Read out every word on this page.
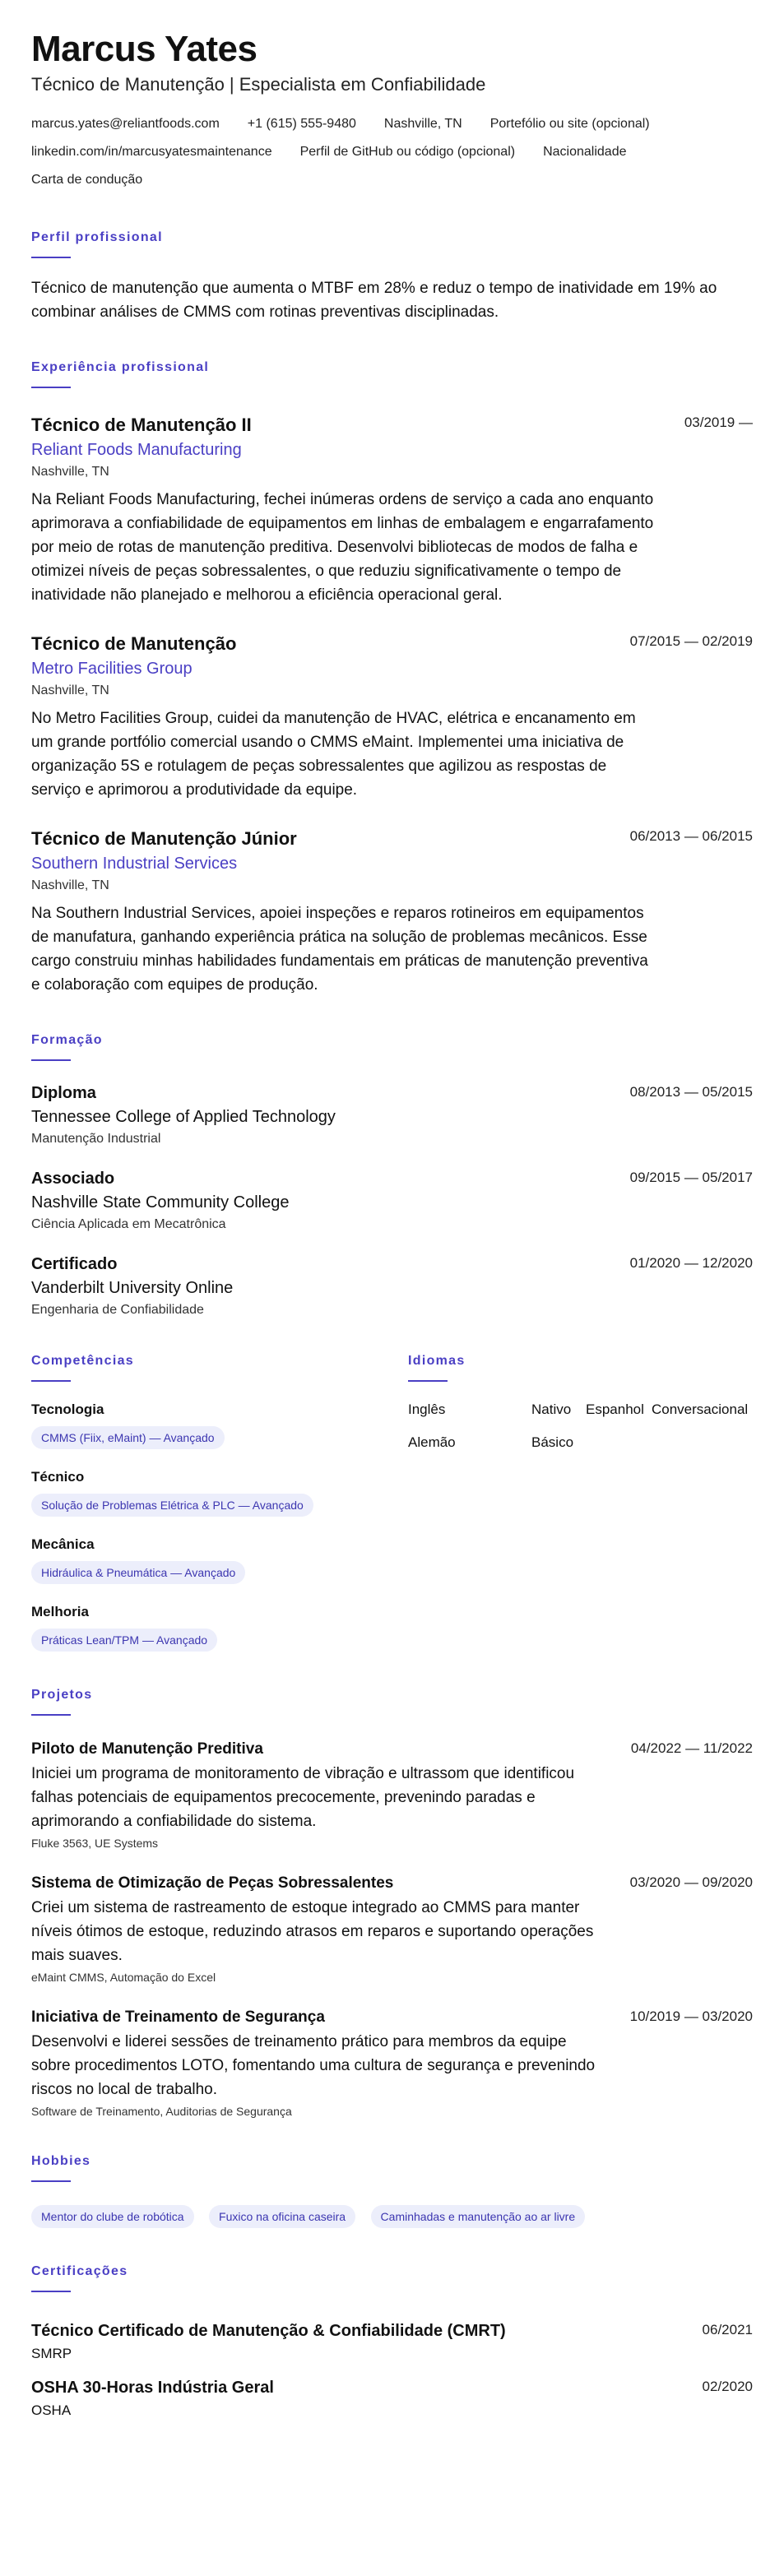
Marcus Yates
Técnico de Manutenção | Especialista em Confiabilidade
marcus.yates@reliantfoods.com +1 (615) 555-9480 Nashville, TN Portefólio ou site (opcional)
linkedin.com/in/marcusyatesmaintenance Perfil de GitHub ou código (opcional) Nacionalidade
Carta de condução
Perfil profissional
Técnico de manutenção que aumenta o MTBF em 28% e reduz o tempo de inatividade em 19% ao combinar análises de CMMS com rotinas preventivas disciplinadas.
Experiência profissional
Técnico de Manutenção II	03/2019 —
Reliant Foods Manufacturing
Nashville, TN
Na Reliant Foods Manufacturing, fechei inúmeras ordens de serviço a cada ano enquanto aprimorava a confiabilidade de equipamentos em linhas de embalagem e engarrafamento por meio de rotas de manutenção preditiva. Desenvolvi bibliotecas de modos de falha e otimizei níveis de peças sobressalentes, o que reduziu significativamente o tempo de inatividade não planejado e melhorou a eficiência operacional geral.
Técnico de Manutenção	07/2015 — 02/2019
Metro Facilities Group
Nashville, TN
No Metro Facilities Group, cuidei da manutenção de HVAC, elétrica e encanamento em um grande portfólio comercial usando o CMMS eMaint. Implementei uma iniciativa de organização 5S e rotulagem de peças sobressalentes que agilizou as respostas de serviço e aprimorou a produtividade da equipe.
Técnico de Manutenção Júnior	06/2013 — 06/2015
Southern Industrial Services
Nashville, TN
Na Southern Industrial Services, apoiei inspeções e reparos rotineiros em equipamentos de manufatura, ganhando experiência prática na solução de problemas mecânicos. Esse cargo construiu minhas habilidades fundamentais em práticas de manutenção preventiva e colaboração com equipes de produção.
Formação
Diploma	08/2013 — 05/2015
Tennessee College of Applied Technology
Manutenção Industrial
Associado	09/2015 — 05/2017
Nashville State Community College
Ciência Aplicada em Mecatrônica
Certificado	01/2020 — 12/2020
Vanderbilt University Online
Engenharia de Confiabilidade
Competências
Tecnologia
CMMS (Fiix, eMaint) — Avançado
Técnico
Solução de Problemas Elétrica & PLC — Avançado
Mecânica
Hidráulica & Pneumática — Avançado
Melhoria
Práticas Lean/TPM — Avançado
Idiomas
Inglês	Nativo	Espanhol Conversacional
Alemão	Básico
Projetos
Piloto de Manutenção Preditiva	04/2022 — 11/2022
Iniciei um programa de monitoramento de vibração e ultrassom que identificou falhas potenciais de equipamentos precocemente, prevenindo paradas e aprimorando a confiabilidade do sistema.
Fluke 3563, UE Systems
Sistema de Otimização de Peças Sobressalentes	03/2020 — 09/2020
Criei um sistema de rastreamento de estoque integrado ao CMMS para manter níveis ótimos de estoque, reduzindo atrasos em reparos e suportando operações mais suaves.
eMaint CMMS, Automação do Excel
Iniciativa de Treinamento de Segurança	10/2019 — 03/2020
Desenvolvi e liderei sessões de treinamento prático para membros da equipe sobre procedimentos LOTO, fomentando uma cultura de segurança e prevenindo riscos no local de trabalho.
Software de Treinamento, Auditorias de Segurança
Hobbies
Mentor do clube de robótica	Fuxico na oficina caseira	Caminhadas e manutenção ao ar livre
Certificações
Técnico Certificado de Manutenção & Confiabilidade (CMRT)	06/2021
SMRP
OSHA 30-Horas Indústria Geral	02/2020
OSHA
